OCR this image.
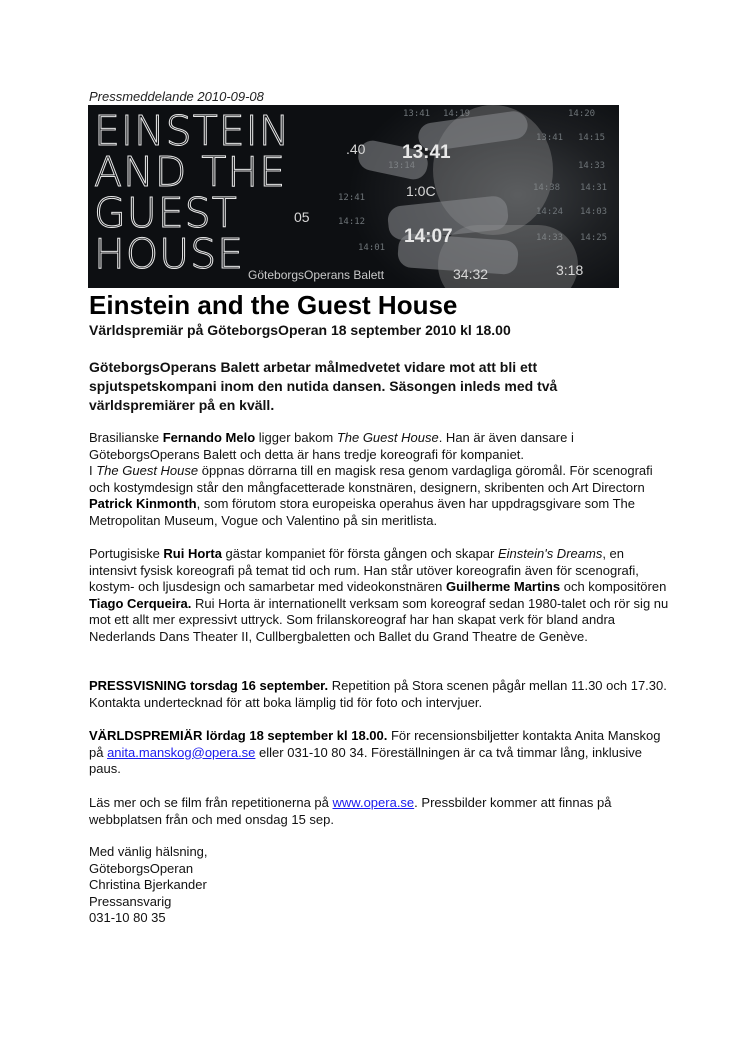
Pressmeddelande 2010-09-08
13:41 14:19	14:20
13:41 14:15
14:33
14:38 14:31
14:24 14:03
12:41
14:12
14:01
14:25
14:33
.40
1:0C
05
34:32	3:18
13:41
14:07
EINSTEIN
AND THE
GUEST
HOUSE GöteborgsOperans Balett
Einstein and the Guest House
Världspremiär på GöteborgsOperan 18 september 2010 kl 18.00
GöteborgsOperans Balett arbetar målmedvetet vidare mot att bli ett spjutspetskompani inom den nutida dansen. Säsongen inleds med två världspremiärer på en kväll.
Brasilianske Fernando Melo ligger bakom The Guest House. Han är även dansare i GöteborgsOperans Balett och detta är hans tredje koreografi för kompaniet.
I The Guest House öppnas dörrarna till en magisk resa genom vardagliga göromål. För scenografi och kostymdesign står den mångfacetterade konstnären, designern, skribenten och Art Directorn Patrick Kinmonth, som förutom stora europeiska operahus även har uppdragsgivare som The Metropolitan Museum, Vogue och Valentino på sin meritlista.
Portugisiske Rui Horta gästar kompaniet för första gången och skapar Einstein's Dreams, en intensivt fysisk koreografi på temat tid och rum. Han står utöver koreografin även för scenografi, kostym- och ljusdesign och samarbetar med videokonstnären Guilherme Martins och kompositören Tiago Cerqueira. Rui Horta är internationellt verksam som koreograf sedan 1980-talet och rör sig nu mot ett allt mer expressivt uttryck. Som frilanskoreograf har han skapat verk för bland andra Nederlands Dans Theater II, Cullbergbaletten och Ballet du Grand Theatre de Genève.
PRESSVISNING torsdag 16 september. Repetition på Stora scenen pågår mellan 11.30 och 17.30. Kontakta undertecknad för att boka lämplig tid för foto och intervjuer.
VÄRLDSPREMIÄR lördag 18 september kl 18.00. För recensionsbiljetter kontakta Anita Manskog på anita.manskog@opera.se eller 031-10 80 34. Föreställningen är ca två timmar lång, inklusive paus.
Läs mer och se film från repetitionerna på www.opera.se. Pressbilder kommer att finnas på webbplatsen från och med onsdag 15 sep.
Med vänlig hälsning,
GöteborgsOperan
Christina Bjerkander
Pressansvarig
031-10 80 35
